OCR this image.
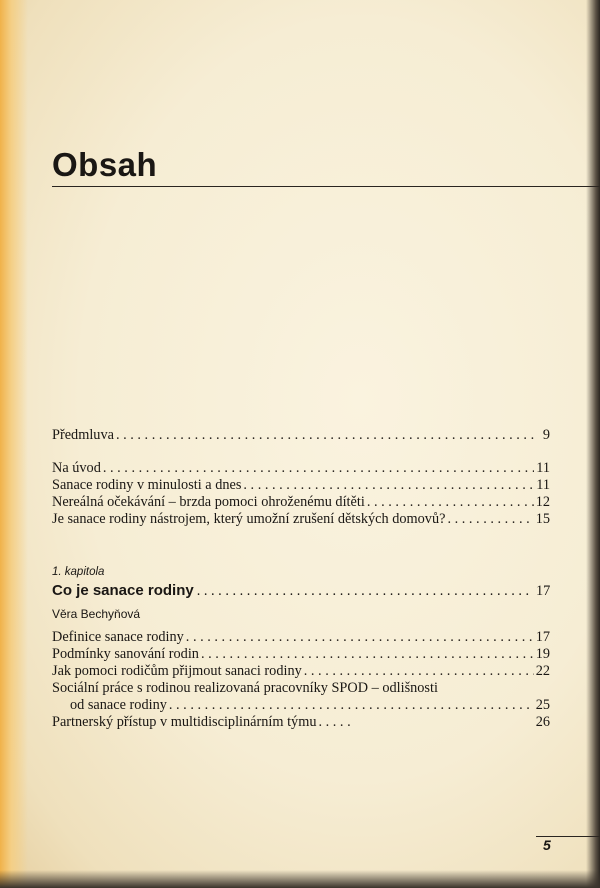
Obsah
Předmluva . . .	9
Na úvod . . .	11
Sanace rodiny v minulosti a dnes . . .	11
Nereálná očekávání – brzda pomoci ohroženému dítěti . . .	12
Je sanace rodiny nástrojem, který umožní zrušení dětských domovů? . . .	15

1. kapitola

Co je sanace rodiny . . .	17

Věra Bechyňová

Definice sanace rodiny . . .	17
Podmínky sanování rodin . . .	19
Jak pomoci rodičům přijmout sanaci rodiny . . .	22
Sociální práce s rodinou realizovaná pracovníky SPOD – odlišnosti
od sanace rodiny . . .	25
Partnerský přístup v multidisciplinárním týmu . . .	26
5
